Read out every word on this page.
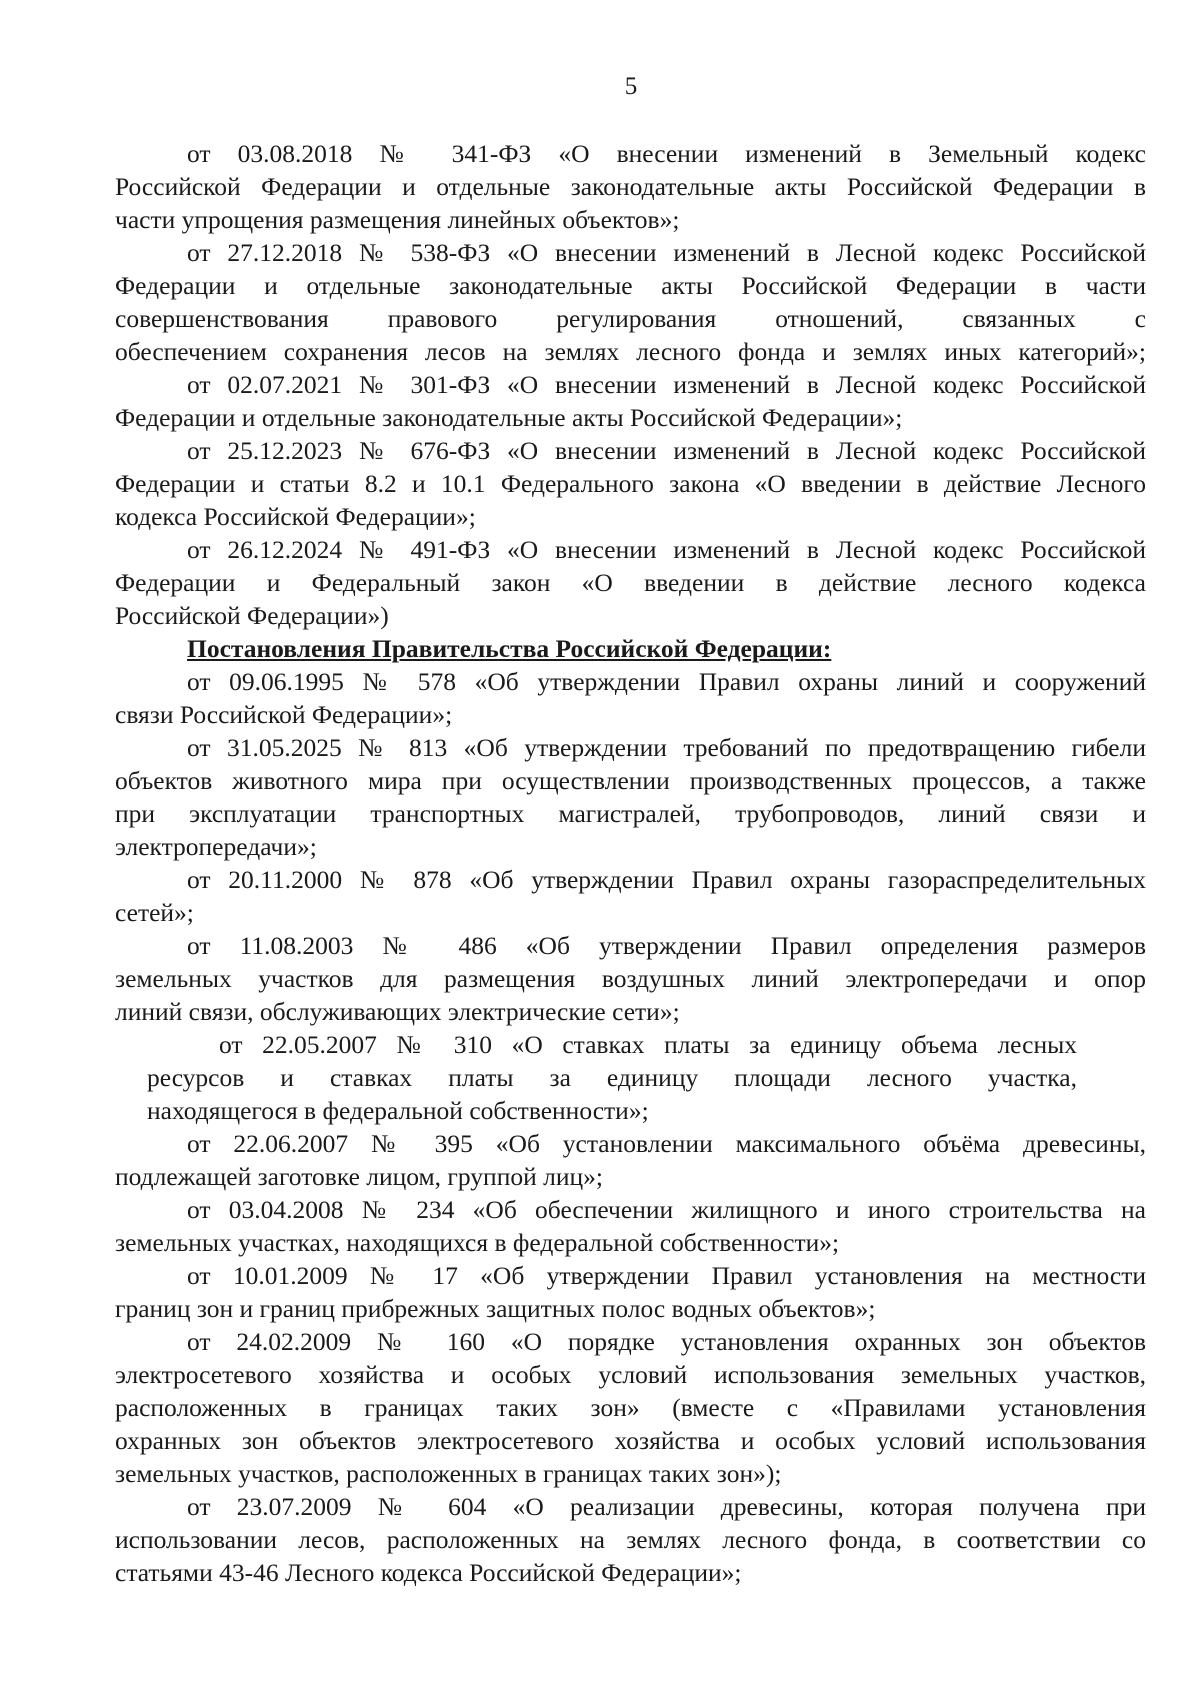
5
от 03.08.2018 № 341-ФЗ «О внесении изменений в Земельный кодекс
Российской Федерации и отдельные законодательные акты Российской Федерации в
части упрощения размещения линейных объектов»;
от 27.12.2018 № 538-ФЗ «О внесении изменений в Лесной кодекс Российской
Федерации и отдельные законодательные акты Российской Федерации в части
совершенствования правового регулирования отношений, связанных с
обеспечением сохранения лесов на землях лесного фонда и землях иных категорий»;
от 02.07.2021 № 301-ФЗ «О внесении изменений в Лесной кодекс Российской
Федерации и отдельные законодательные акты Российской Федерации»;
от 25.12.2023 № 676-ФЗ «О внесении изменений в Лесной кодекс Российской
Федерации и статьи 8.2 и 10.1 Федерального закона «О введении в действие Лесного
кодекса Российской Федерации»;
от 26.12.2024 № 491-ФЗ «О внесении изменений в Лесной кодекс Российской
Федерации и Федеральный закон «О введении в действие лесного кодекса
Российской Федерации»)
Постановления Правительства Российской Федерации:
от 09.06.1995 № 578 «Об утверждении Правил охраны линий и сооружений
связи Российской Федерации»;
от 31.05.2025 № 813 «Об утверждении требований по предотвращению гибели
объектов животного мира при осуществлении производственных процессов, а также
при эксплуатации транспортных магистралей, трубопроводов, линий связи и
электропередачи»;
от 20.11.2000 № 878 «Об утверждении Правил охраны газораспределительных
сетей»;
от 11.08.2003 № 486 «Об утверждении Правил определения размеров
земельных участков для размещения воздушных линий электропередачи и опор
линий связи, обслуживающих электрические сети»;
от 22.05.2007 № 310 «О ставках платы за единицу объема лесных
ресурсов и ставках платы за единицу площади лесного участка,
находящегося в федеральной собственности»;
от 22.06.2007 № 395 «Об установлении максимального объёма древесины,
подлежащей заготовке лицом, группой лиц»;
от 03.04.2008 № 234 «Об обеспечении жилищного и иного строительства на
земельных участках, находящихся в федеральной собственности»;
от 10.01.2009 № 17 «Об утверждении Правил установления на местности
границ зон и границ прибрежных защитных полос водных объектов»;
от 24.02.2009 № 160 «О порядке установления охранных зон объектов
электросетевого хозяйства и особых условий использования земельных участков,
расположенных в границах таких зон» (вместе с «Правилами установления
охранных зон объектов электросетевого хозяйства и особых условий использования
земельных участков, расположенных в границах таких зон»);
от 23.07.2009 № 604 «О реализации древесины, которая получена при
использовании лесов, расположенных на землях лесного фонда, в соответствии со
статьями 43-46 Лесного кодекса Российской Федерации»;
